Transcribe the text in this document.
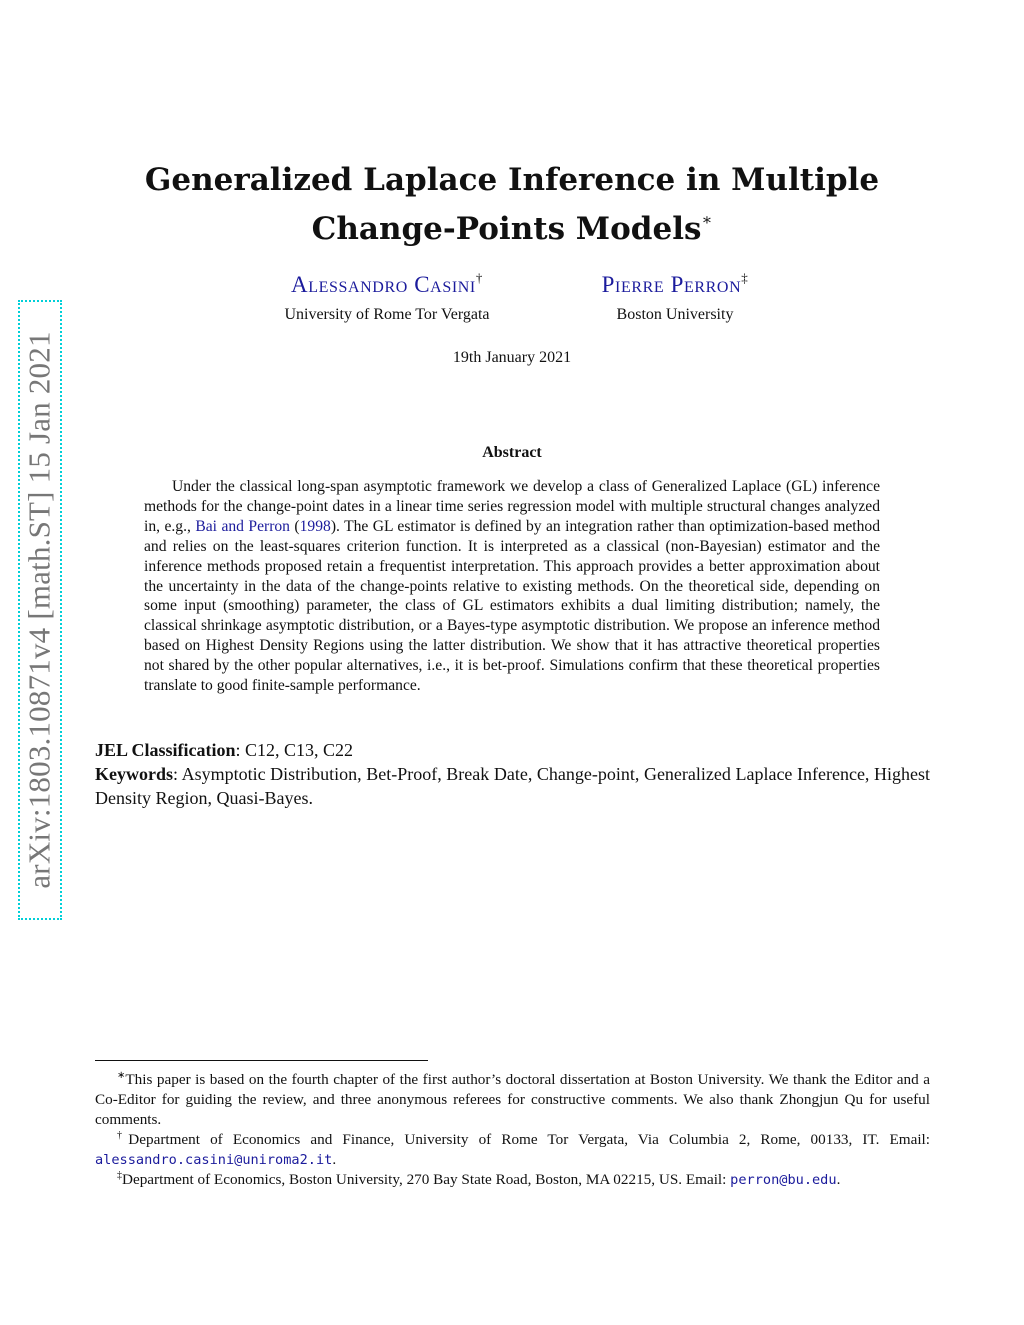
arXiv:1803.10871v4 [math.ST] 15 Jan 2021
Generalized Laplace Inference in Multiple
Change-Points Models∗
Alessandro Casini†
University of Rome Tor Vergata
Pierre Perron‡
Boston University
19th January 2021
Abstract

Under the classical long-span asymptotic framework we develop a class of Generalized Laplace (GL) inference methods for the change-point dates in a linear time series regression model with multiple structural changes analyzed in, e.g., Bai and Perron (1998). The GL estimator is defined by an integration rather than optimization-based method and relies on the least-squares criterion function. It is interpreted as a classical (non-Bayesian) estimator and the inference methods proposed retain a frequentist interpretation. This approach provides a better approximation about the uncertainty in the data of the change-points relative to existing methods. On the theoretical side, depending on some input (smoothing) parameter, the class of GL estimators exhibits a dual limiting distribution; namely, the classical shrinkage asymptotic distribution, or a Bayes-type asymptotic distribution. We propose an inference method based on Highest Density Regions using the latter distribution. We show that it has attractive theoretical properties not shared by the other popular alternatives, i.e., it is bet-proof. Simulations confirm that these theoretical properties translate to good finite-sample performance.

JEL Classification: C12, C13, C22

Keywords: Asymptotic Distribution, Bet-Proof, Break Date, Change-point, Generalized Laplace Inference, Highest Density Region, Quasi-Bayes.

∗This paper is based on the fourth chapter of the first author’s doctoral dissertation at Boston University. We thank the Editor and a Co-Editor for guiding the review, and three anonymous referees for constructive comments. We also thank Zhongjun Qu for useful comments.

†Department of Economics and Finance, University of Rome Tor Vergata, Via Columbia 2, Rome, 00133, IT. Email: alessandro.casini@uniroma2.it.

‡Department of Economics, Boston University, 270 Bay State Road, Boston, MA 02215, US. Email: perron@bu.edu.
